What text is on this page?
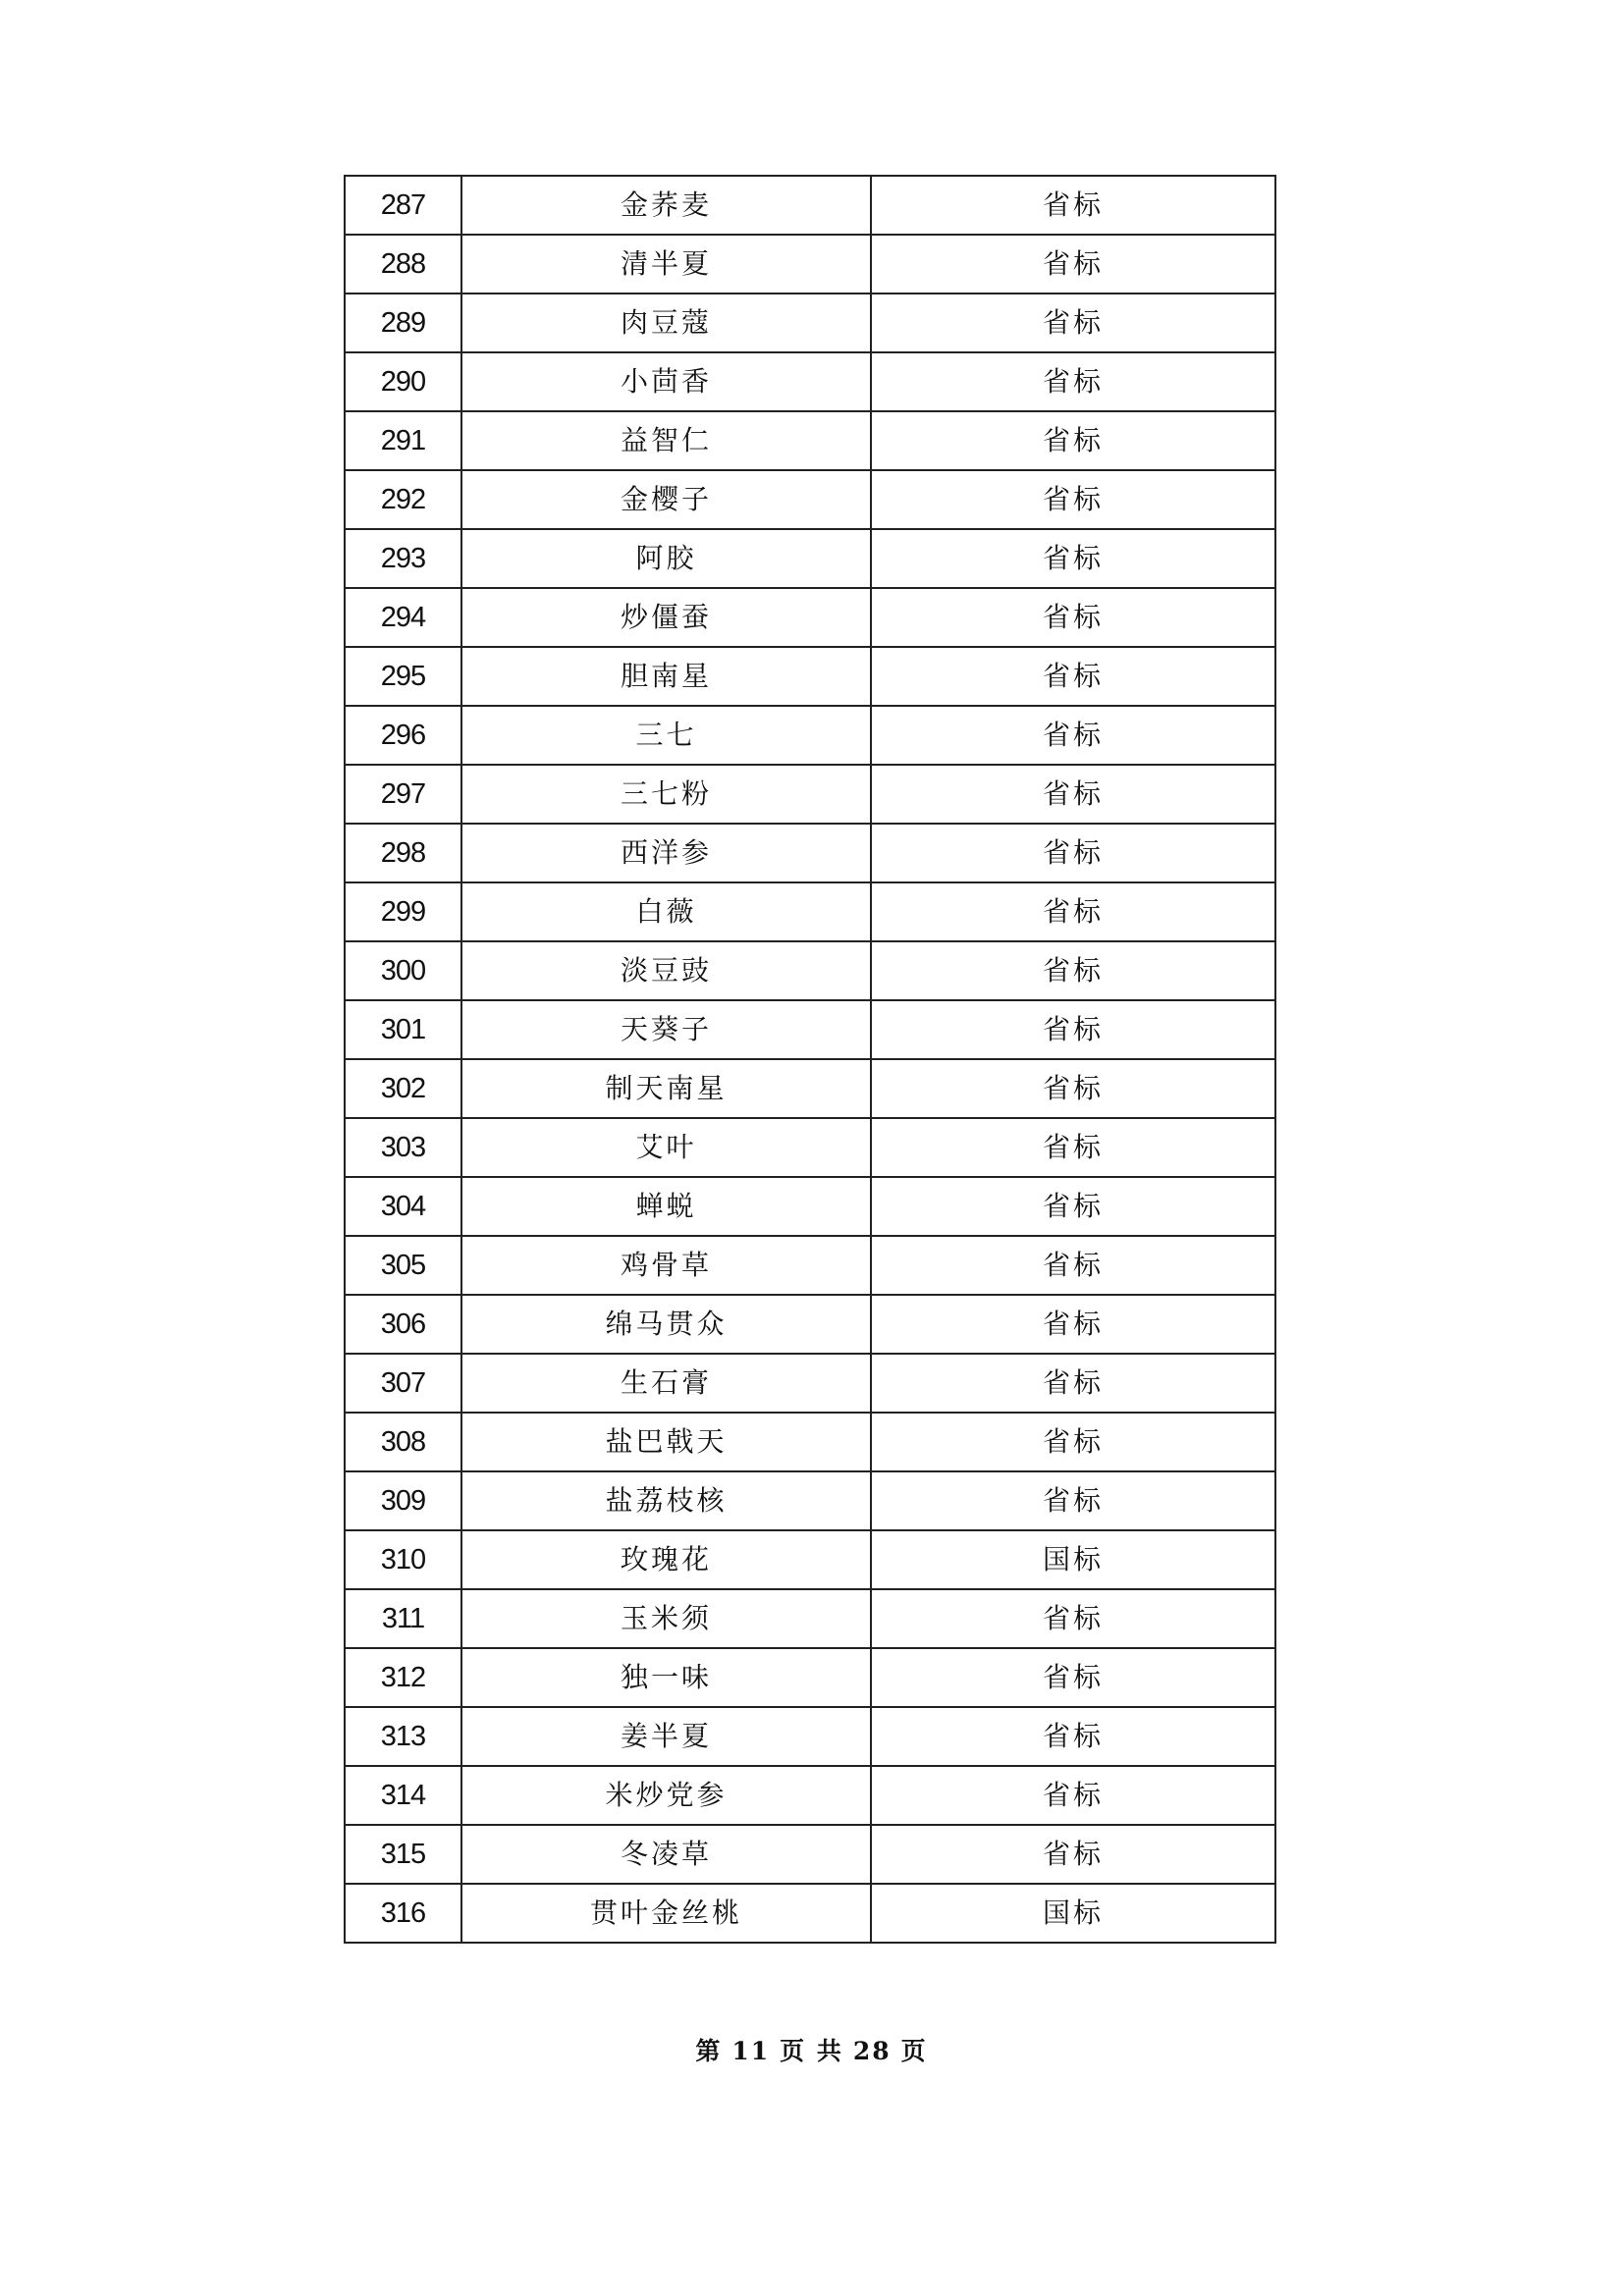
287	金荞麦	省标
288	清半夏	省标
289	肉豆蔻	省标
290	小茴香	省标
291	益智仁	省标
292	金樱子	省标
293	阿胶	省标
294	炒僵蚕	省标
295	胆南星	省标
296	三七	省标
297	三七粉	省标
298	西洋参	省标
299	白薇	省标
300	淡豆豉	省标
301	天葵子	省标
302	制天南星	省标
303	艾叶	省标
304	蝉蜕	省标
305	鸡骨草	省标
306	绵马贯众	省标
307	生石膏	省标
308	盐巴戟天	省标
309	盐荔枝核	省标
310	玫瑰花	国标
311	玉米须	省标
312	独一味	省标
313	姜半夏	省标
314	米炒党参	省标
315	冬凌草	省标
316	贯叶金丝桃	国标
第 11 页 共 28 页
